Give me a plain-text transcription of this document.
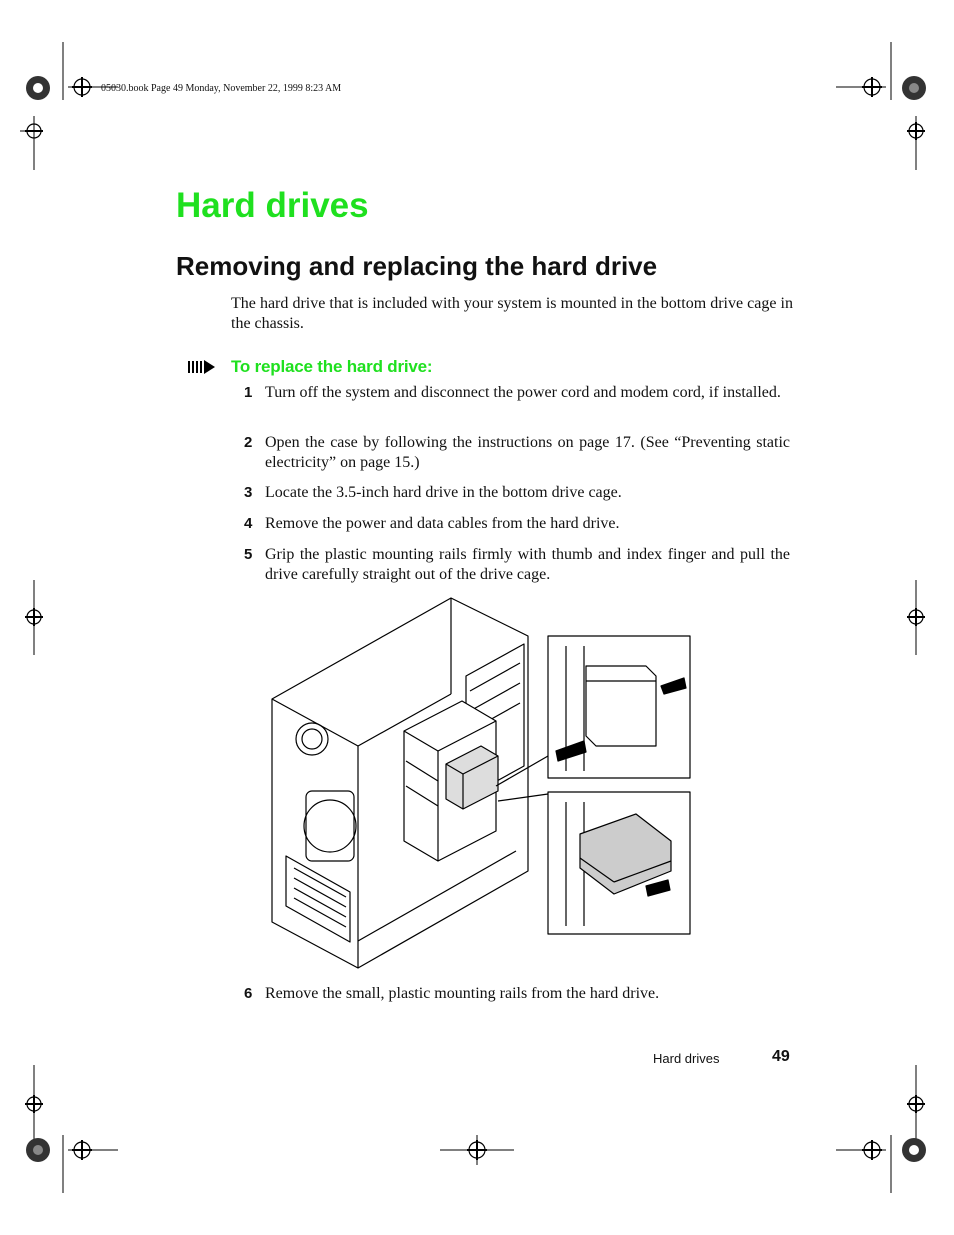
05030.book Page 49 Monday, November 22, 1999 8:23 AM
Hard drives
Removing and replacing the hard drive
The hard drive that is included with your system is mounted in the bottom drive cage in the chassis.
To replace the hard drive:
1 Turn off the system and disconnect the power cord and modem cord, if installed.
2 Open the case by following the instructions on page 17. (See “Preventing static electricity” on page 15.)
3 Locate the 3.5-inch hard drive in the bottom drive cage.
4 Remove the power and data cables from the hard drive.
5 Grip the plastic mounting rails firmly with thumb and index finger and pull the drive carefully straight out of the drive cage.
6 Remove the small, plastic mounting rails from the hard drive.
Hard drives	49
